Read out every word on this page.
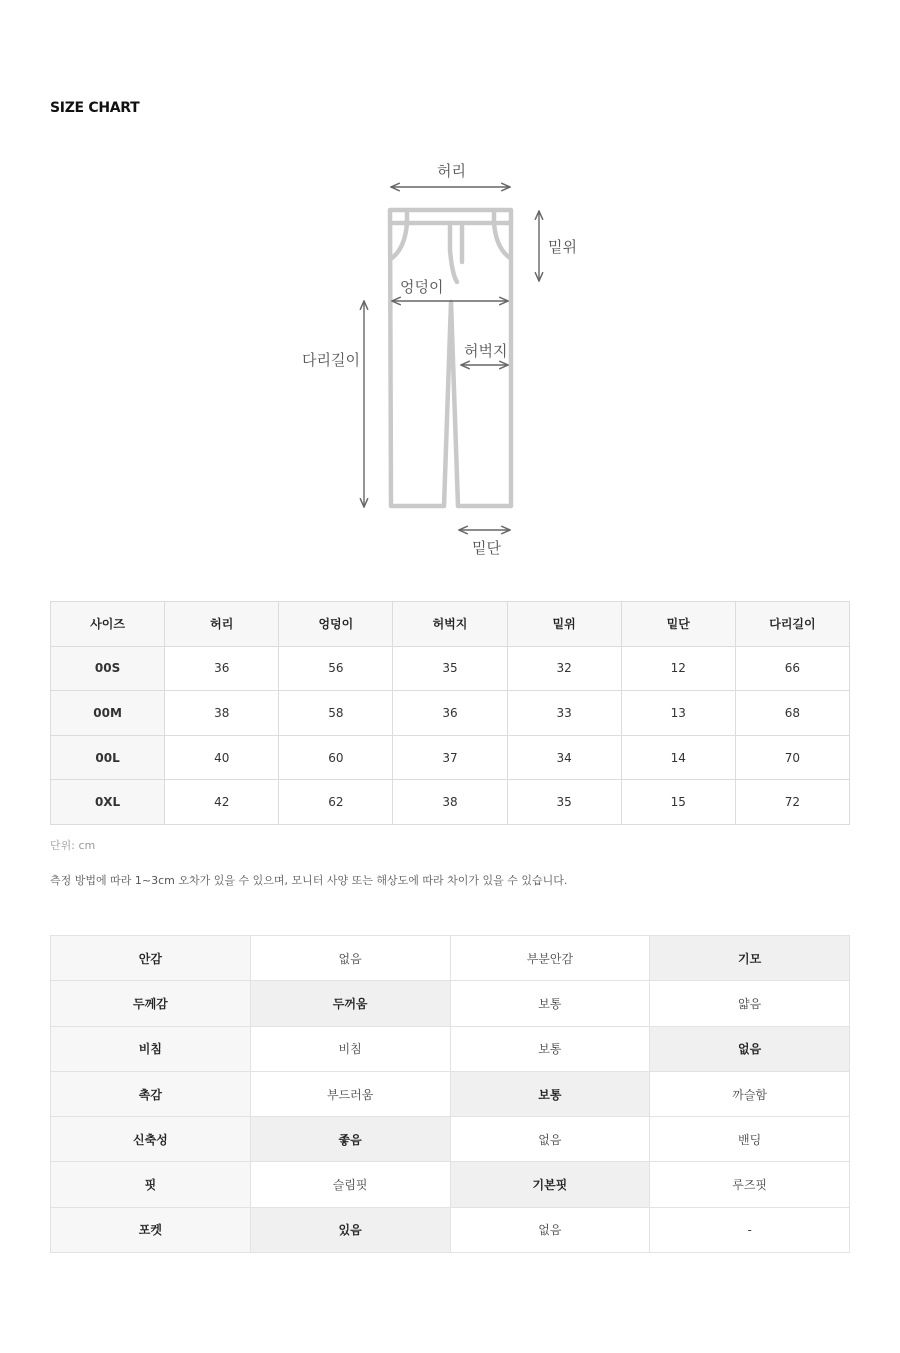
SIZE CHART
허리
밑위
엉덩이
허벅지
다리길이
밑단
사이즈	허리	엉덩이	허벅지	밑위	밑단	다리길이
00S	36	56	35	32	12	66
00M	38	58	36	33	13	68
00L	40	60	37	34	14	70
0XL	42	62	38	35	15	72
단위: cm
측정 방법에 따라 1~3cm 오차가 있을 수 있으며, 모니터 사양 또는 해상도에 따라 차이가 있을 수 있습니다.
안감	없음	부분안감	기모
두께감	두꺼움	보통	얇음
비침	비침	보통	없음
촉감	부드러움	보통	까슬함
신축성	좋음	없음	밴딩
핏	슬림핏	기본핏	루즈핏
포켓	있음	없음	-
